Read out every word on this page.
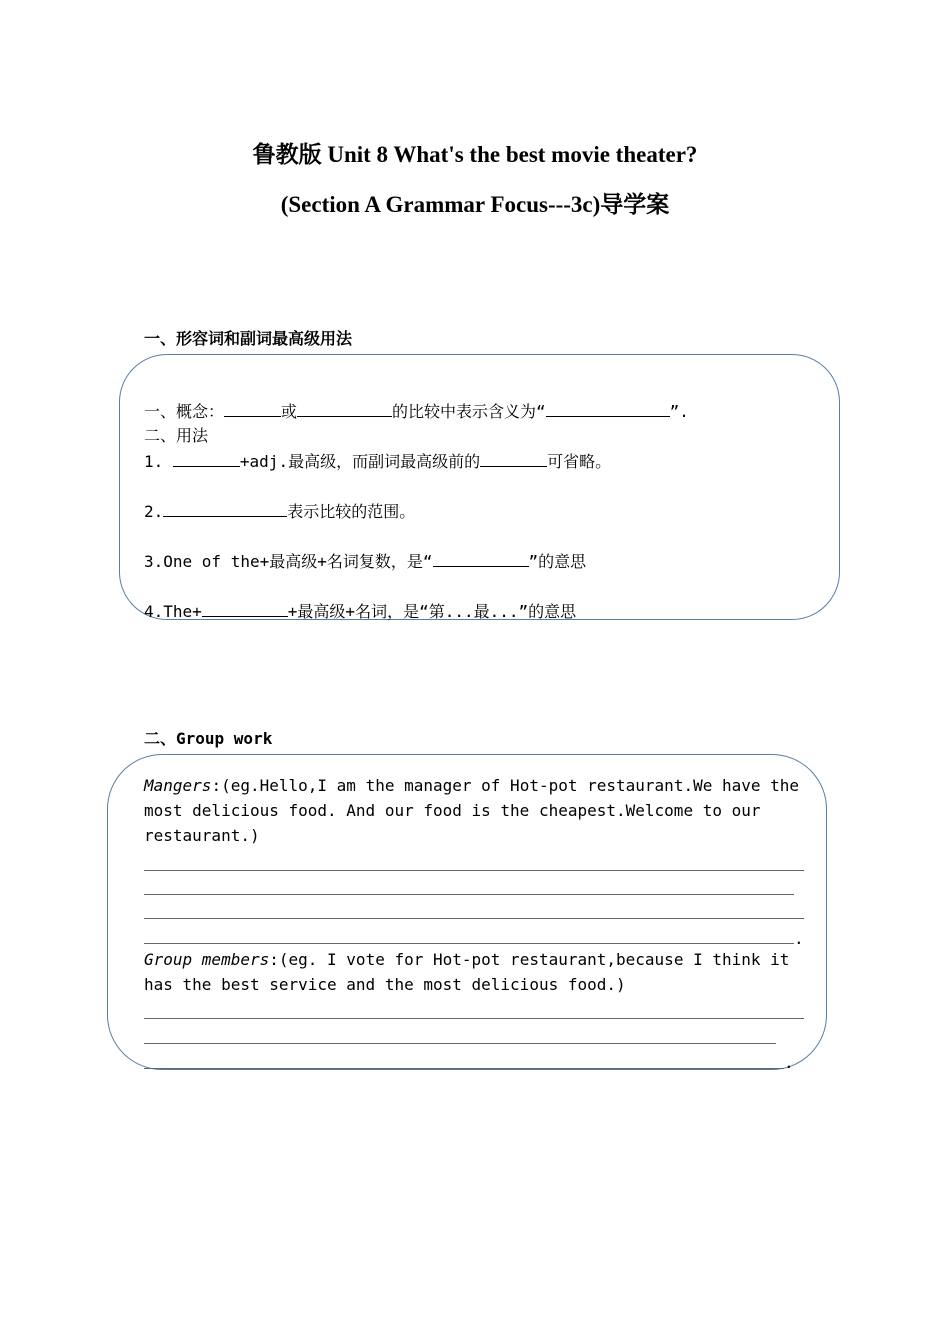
鲁教版 Unit 8 What's the best movie theater?
(Section A Grammar Focus---3c)导学案
一、形容词和副词最高级用法
一、概念：	或	的比较中表示含义为“	”.
二、用法
1.	+adj.最高级，而副词最高级前的	可省略。
2.	表示比较的范围。
3.One of the+最高级+名词复数，是“	”的意思
4.The+	+最高级+名词，是“第...最...”的意思
二、Group work
Mangers:(eg.Hello,I am the manager of Hot-pot restaurant.We have the
most delicious food. And our food is the cheapest.Welcome to our
restaurant.)
.
Group members:(eg. I vote for Hot-pot restaurant,because I think it
has the best service and the most delicious food.)
.
